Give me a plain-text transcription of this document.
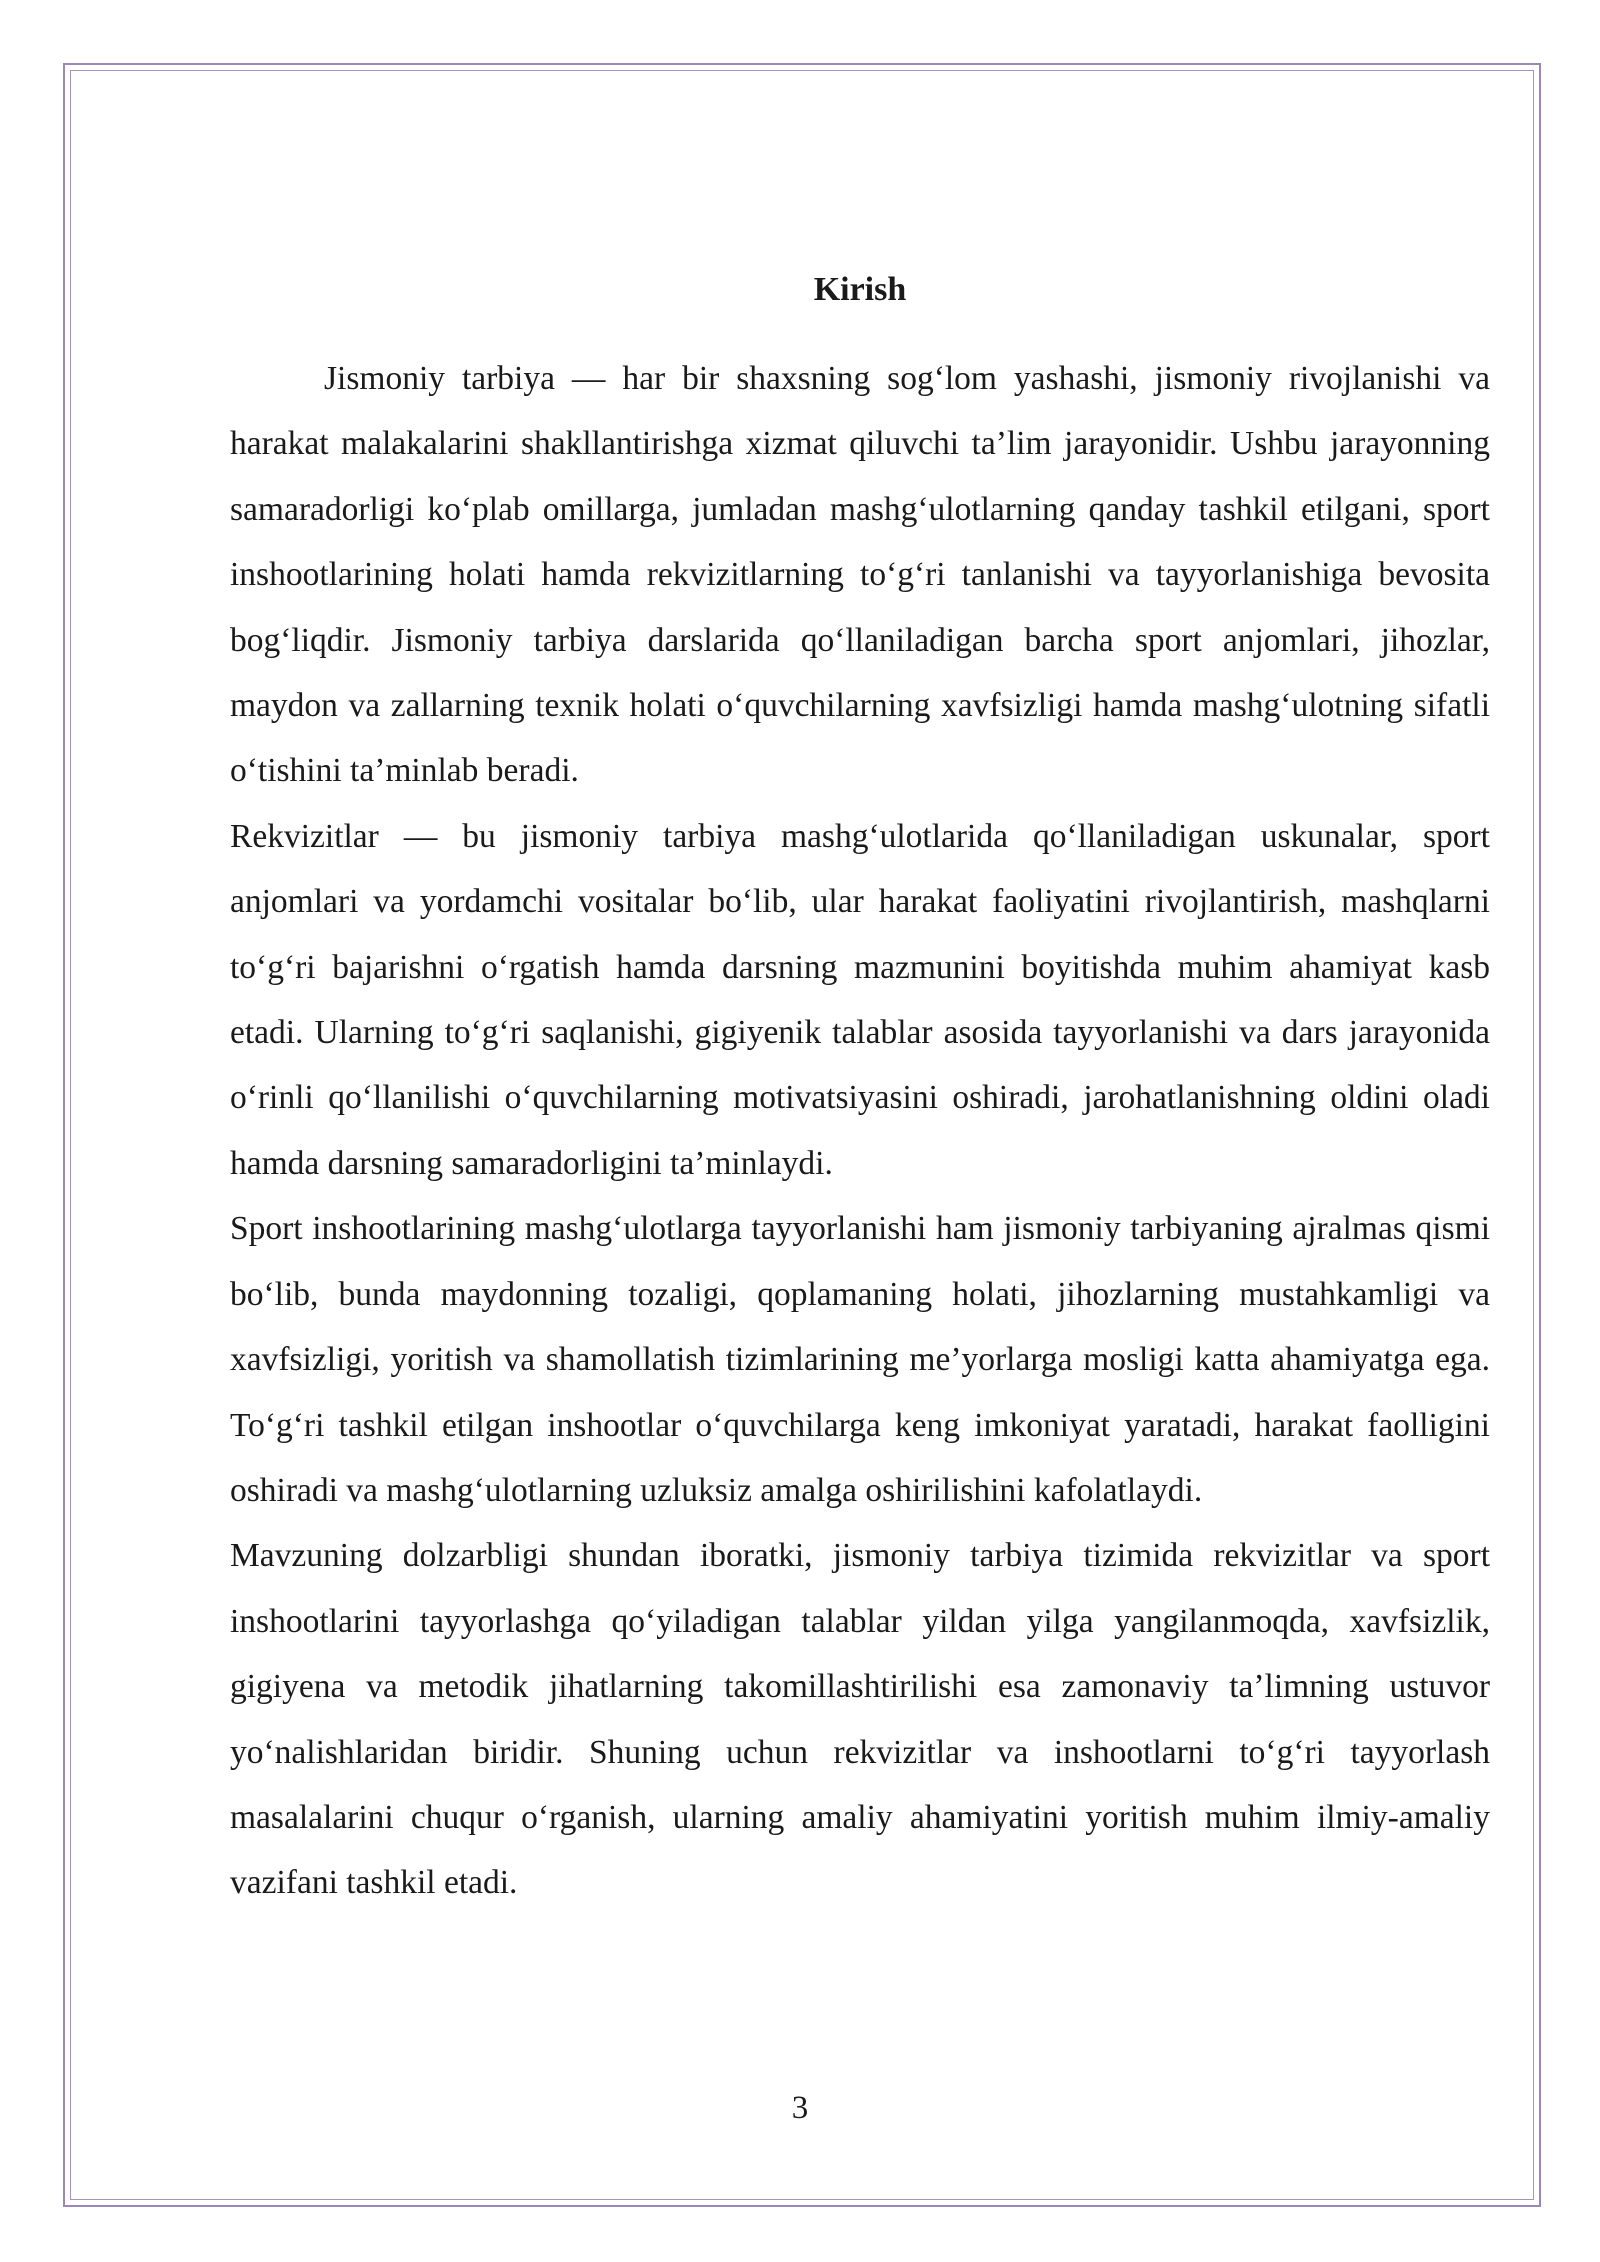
Kirish

Jismoniy tarbiya — har bir shaxsning sog‘lom yashashi, jismoniy rivojlanishi va harakat malakalarini shakllantirishga xizmat qiluvchi ta’lim jarayonidir. Ushbu jarayonning samaradorligi ko‘plab omillarga, jumladan mashg‘ulotlarning qanday tashkil etilgani, sport inshootlarining holati hamda rekvizitlarning to‘g‘ri tanlanishi va tayyorlanishiga bevosita bog‘liqdir. Jismoniy tarbiya darslarida qo‘llaniladigan barcha sport anjomlari, jihozlar, maydon va zallarning texnik holati o‘quvchilarning xavfsizligi hamda mashg‘ulotning sifatli o‘tishini ta’minlab beradi.

Rekvizitlar — bu jismoniy tarbiya mashg‘ulotlarida qo‘llaniladigan uskunalar, sport anjomlari va yordamchi vositalar bo‘lib, ular harakat faoliyatini rivojlantirish, mashqlarni to‘g‘ri bajarishni o‘rgatish hamda darsning mazmunini boyitishda muhim ahamiyat kasb etadi. Ularning to‘g‘ri saqlanishi, gigiyenik talablar asosida tayyorlanishi va dars jarayonida o‘rinli qo‘llanilishi o‘quvchilarning motivatsiyasini oshiradi, jarohatlanishning oldini oladi hamda darsning samaradorligini ta’minlaydi.

Sport inshootlarining mashg‘ulotlarga tayyorlanishi ham jismoniy tarbiyaning ajralmas qismi bo‘lib, bunda maydonning tozaligi, qoplamaning holati, jihozlarning mustahkamligi va xavfsizligi, yoritish va shamollatish tizimlarining me’yorlarga mosligi katta ahamiyatga ega. To‘g‘ri tashkil etilgan inshootlar o‘quvchilarga keng imkoniyat yaratadi, harakat faolligini oshiradi va mashg‘ulotlarning uzluksiz amalga oshirilishini kafolatlaydi.

Mavzuning dolzarbligi shundan iboratki, jismoniy tarbiya tizimida rekvizitlar va sport inshootlarini tayyorlashga qo‘yiladigan talablar yildan yilga yangilanmoqda, xavfsizlik, gigiyena va metodik jihatlarning takomillashtirilishi esa zamonaviy ta’limning ustuvor yo‘nalishlaridan biridir. Shuning uchun rekvizitlar va inshootlarni to‘g‘ri tayyorlash masalalarini chuqur o‘rganish, ularning amaliy ahamiyatini yoritish muhim ilmiy-amaliy vazifani tashkil etadi.

3
